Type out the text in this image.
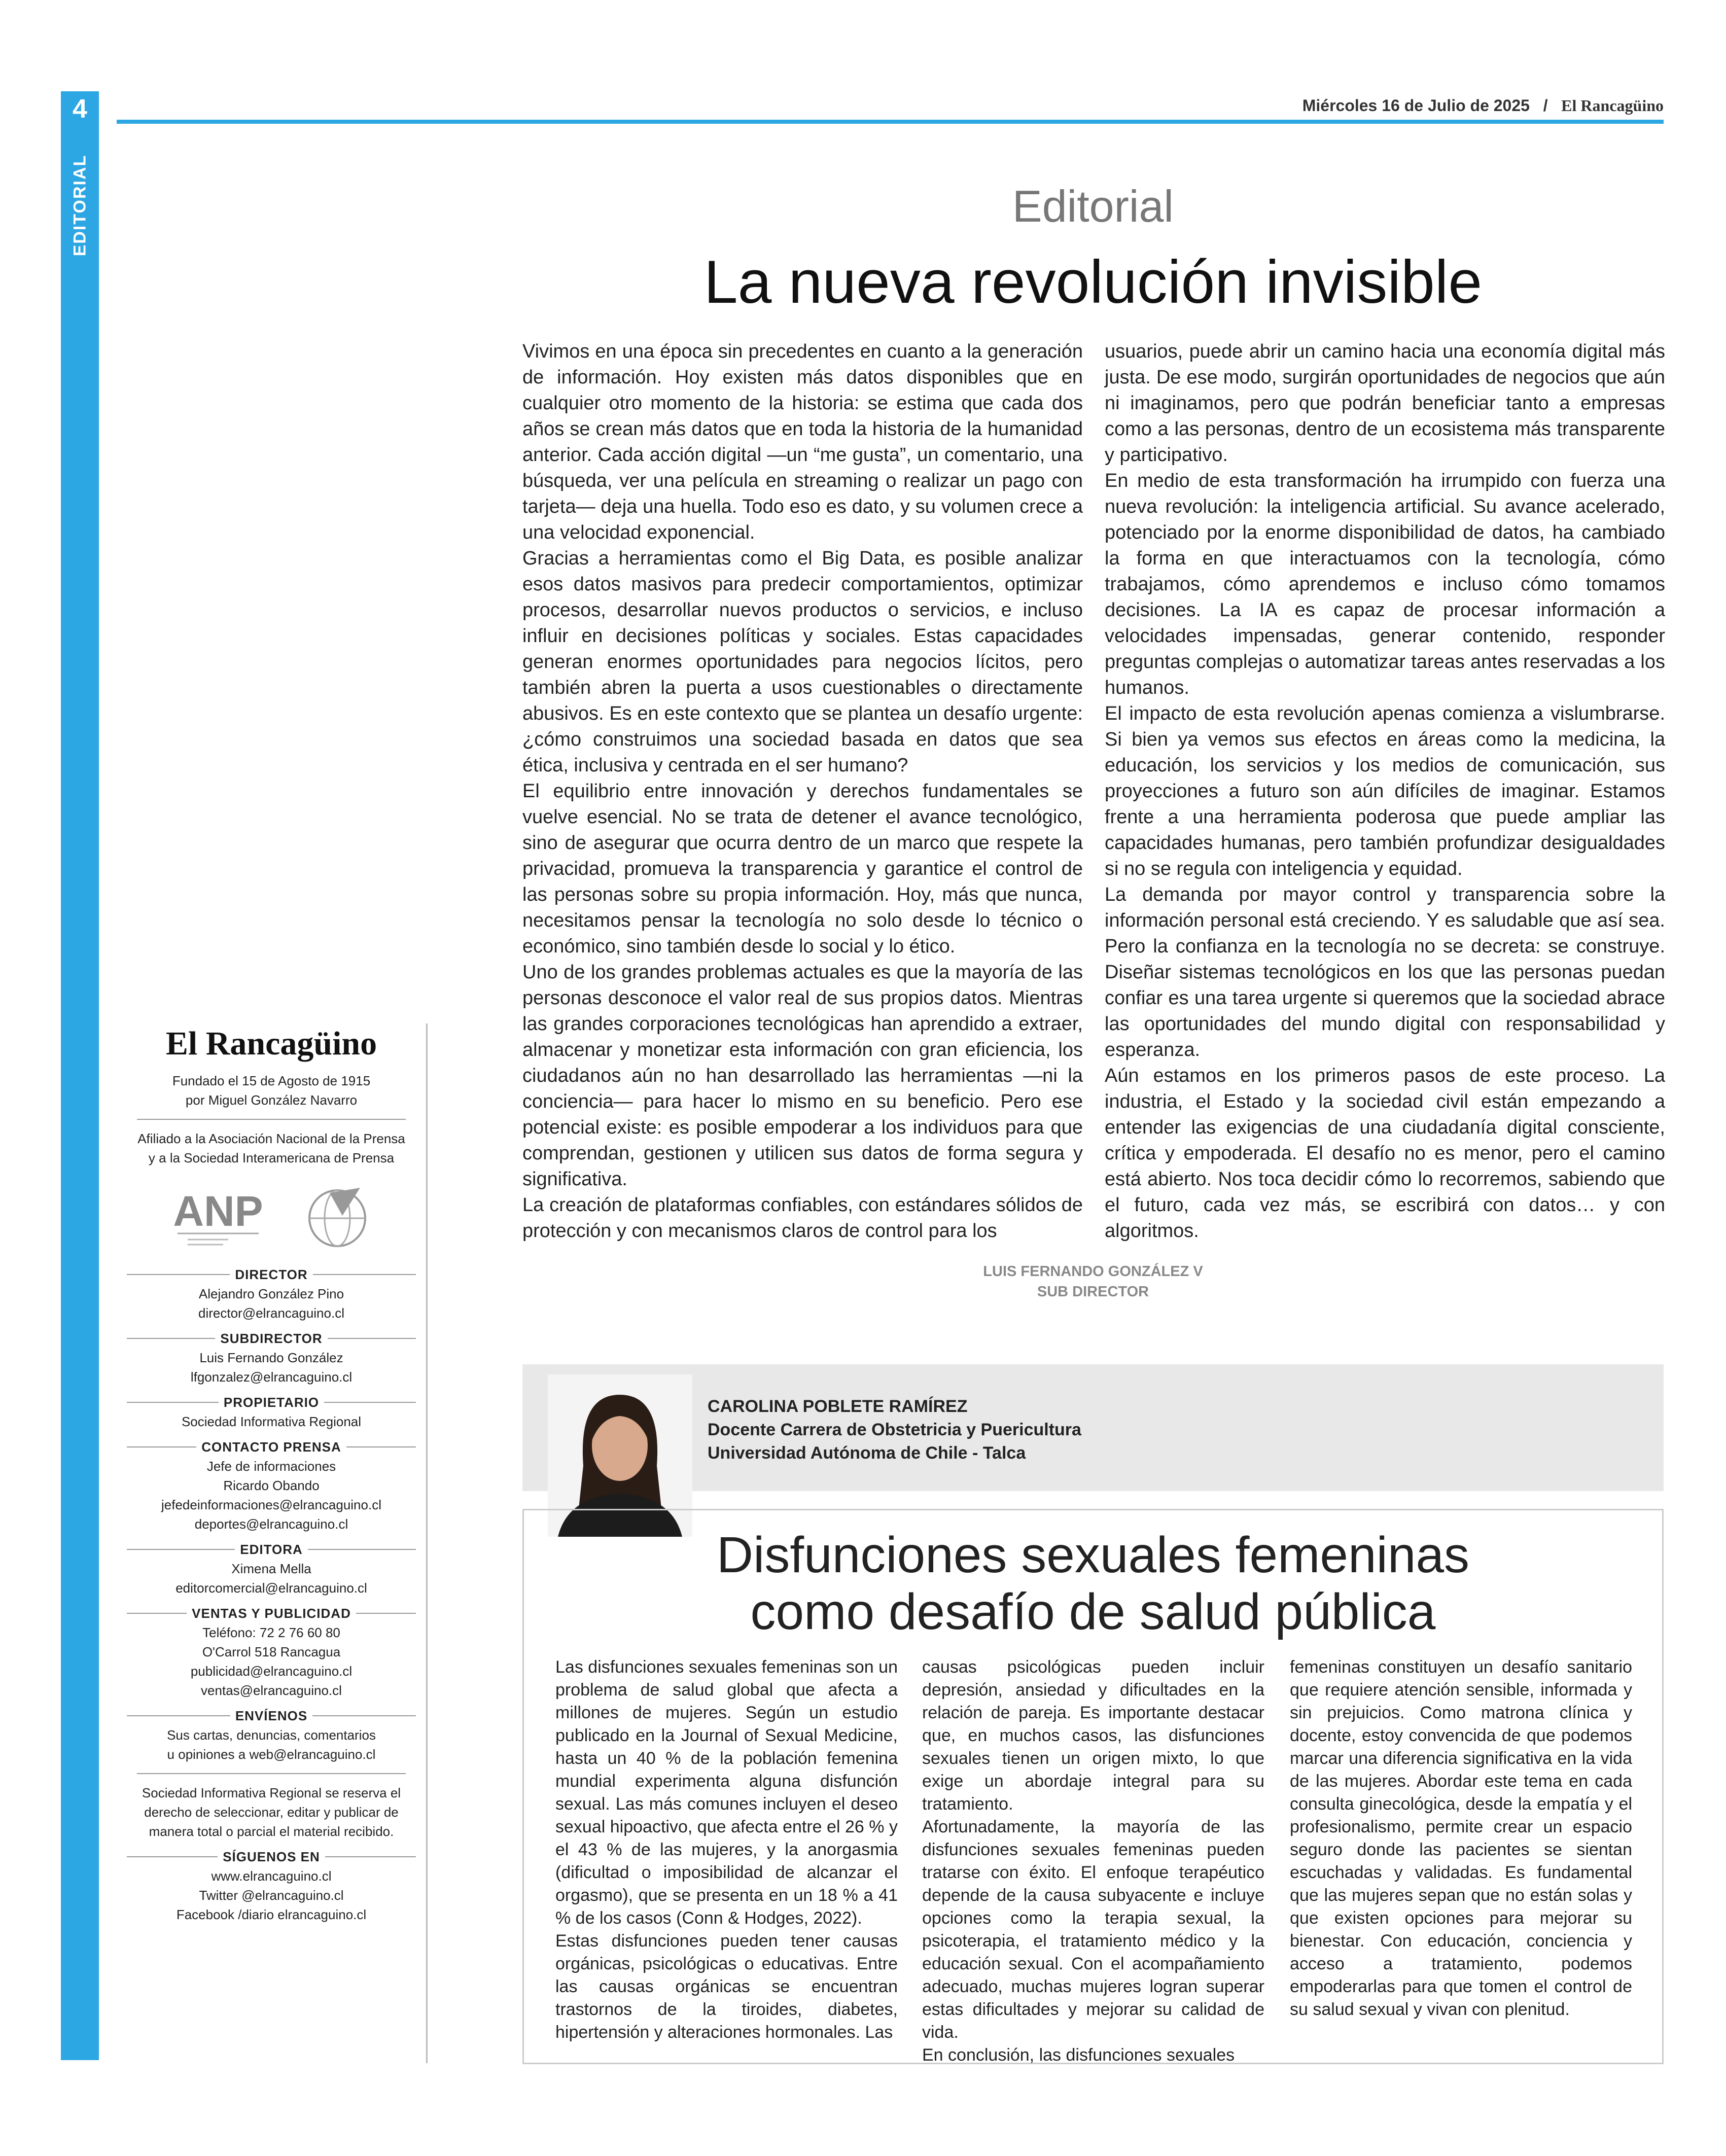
4
EDITORIAL
Miércoles 16 de Julio de 2025 / El Rancagüino
Editorial
La nueva revolución invisible

Vivimos en una época sin precedentes en cuanto a la generación de información. Hoy existen más datos disponibles que en cualquier otro momento de la historia: se estima que cada dos años se crean más datos que en toda la historia de la humanidad anterior. Cada acción digital —un “me gusta”, un comentario, una búsqueda, ver una película en streaming o realizar un pago con tarjeta— deja una huella. Todo eso es dato, y su volumen crece a una velocidad exponencial.

Gracias a herramientas como el Big Data, es posible analizar esos datos masivos para predecir comportamientos, optimizar procesos, desarrollar nuevos productos o servicios, e incluso influir en decisiones políticas y sociales. Estas capacidades generan enormes oportunidades para negocios lícitos, pero también abren la puerta a usos cuestionables o directamente abusivos. Es en este contexto que se plantea un desafío urgente: ¿cómo construimos una sociedad basada en datos que sea ética, inclusiva y centrada en el ser humano?

El equilibrio entre innovación y derechos fundamentales se vuelve esencial. No se trata de detener el avance tecnológico, sino de asegurar que ocurra dentro de un marco que respete la privacidad, promueva la transparencia y garantice el control de las personas sobre su propia información. Hoy, más que nunca, necesitamos pensar la tecnología no solo desde lo técnico o económico, sino también desde lo social y lo ético.

Uno de los grandes problemas actuales es que la mayoría de las personas desconoce el valor real de sus propios datos. Mientras las grandes corporaciones tecnológicas han aprendido a extraer, almacenar y monetizar esta información con gran eficiencia, los ciudadanos aún no han desarrollado las herramientas —ni la conciencia— para hacer lo mismo en su beneficio. Pero ese potencial existe: es posible empoderar a los individuos para que comprendan, gestionen y utilicen sus datos de forma segura y significativa.

La creación de plataformas confiables, con estándares sólidos de protección y con mecanismos claros de control para los

usuarios, puede abrir un camino hacia una economía digital más justa. De ese modo, surgirán oportunidades de negocios que aún ni imaginamos, pero que podrán beneficiar tanto a empresas como a las personas, dentro de un ecosistema más transparente y participativo.

En medio de esta transformación ha irrumpido con fuerza una nueva revolución: la inteligencia artificial. Su avance acelerado, potenciado por la enorme disponibilidad de datos, ha cambiado la forma en que interactuamos con la tecnología, cómo trabajamos, cómo aprendemos e incluso cómo tomamos decisiones. La IA es capaz de procesar información a velocidades impensadas, generar contenido, responder preguntas complejas o automatizar tareas antes reservadas a los humanos.

El impacto de esta revolución apenas comienza a vislumbrarse. Si bien ya vemos sus efectos en áreas como la medicina, la educación, los servicios y los medios de comunicación, sus proyecciones a futuro son aún difíciles de imaginar. Estamos frente a una herramienta poderosa que puede ampliar las capacidades humanas, pero también profundizar desigualdades si no se regula con inteligencia y equidad.

La demanda por mayor control y transparencia sobre la información personal está creciendo. Y es saludable que así sea. Pero la confianza en la tecnología no se decreta: se construye. Diseñar sistemas tecnológicos en los que las personas puedan confiar es una tarea urgente si queremos que la sociedad abrace las oportunidades del mundo digital con responsabilidad y esperanza.

Aún estamos en los primeros pasos de este proceso. La industria, el Estado y la sociedad civil están empezando a entender las exigencias de una ciudadanía digital consciente, crítica y empoderada. El desafío no es menor, pero el camino está abierto. Nos toca decidir cómo lo recorremos, sabiendo que el futuro, cada vez más, se escribirá con datos… y con algoritmos.

LUIS FERNANDO GONZÁLEZ V
SUB DIRECTOR
El Rancagüino
Fundado el 15 de Agosto de 1915
por Miguel González Navarro
Afiliado a la Asociación Nacional de la Prensa
y a la Sociedad Interamericana de Prensa
ANP
DIRECTOR
Alejandro González Pino
director@elrancaguino.cl
SUBDIRECTOR
Luis Fernando González
lfgonzalez@elrancaguino.cl
PROPIETARIO
Sociedad Informativa Regional
CONTACTO PRENSA
Jefe de informaciones
Ricardo Obando
jefedeinformaciones@elrancaguino.cl
deportes@elrancaguino.cl
EDITORA
Ximena Mella
editorcomercial@elrancaguino.cl
VENTAS Y PUBLICIDAD
Teléfono: 72 2 76 60 80
O'Carrol 518 Rancagua
publicidad@elrancaguino.cl
ventas@elrancaguino.cl
ENVÍENOS
Sus cartas, denuncias, comentarios
u opiniones a web@elrancaguino.cl
Sociedad Informativa Regional se reserva el
derecho de seleccionar, editar y publicar de
manera total o parcial el material recibido.
SÍGUENOS EN
www.elrancaguino.cl
Twitter @elrancaguino.cl
Facebook /diario elrancaguino.cl
CAROLINA POBLETE RAMÍREZ
Docente Carrera de Obstetricia y Puericultura
Universidad Autónoma de Chile - Talca
Disfunciones sexuales femeninas
como desafío de salud pública

Las disfunciones sexuales femeninas son un problema de salud global que afecta a millones de mujeres. Según un estudio publicado en la Journal of Sexual Medicine, hasta un 40 % de la población femenina mundial experimenta alguna disfunción sexual. Las más comunes incluyen el deseo sexual hipoactivo, que afecta entre el 26 % y el 43 % de las mujeres, y la anorgasmia (dificultad o imposibilidad de alcanzar el orgasmo), que se presenta en un 18 % a 41 % de los casos (Conn & Hodges, 2022).

Estas disfunciones pueden tener causas orgánicas, psicológicas o educativas. Entre las causas orgánicas se encuentran trastornos de la tiroides, diabetes, hipertensión y alteraciones hormonales. Las

causas psicológicas pueden incluir depresión, ansiedad y dificultades en la relación de pareja. Es importante destacar que, en muchos casos, las disfunciones sexuales tienen un origen mixto, lo que exige un abordaje integral para su tratamiento.

Afortunadamente, la mayoría de las disfunciones sexuales femeninas pueden tratarse con éxito. El enfoque terapéutico depende de la causa subyacente e incluye opciones como la terapia sexual, la psicoterapia, el tratamiento médico y la educación sexual. Con el acompañamiento adecuado, muchas mujeres logran superar estas dificultades y mejorar su calidad de vida.

En conclusión, las disfunciones sexuales

femeninas constituyen un desafío sanitario que requiere atención sensible, informada y sin prejuicios. Como matrona clínica y docente, estoy convencida de que podemos marcar una diferencia significativa en la vida de las mujeres. Abordar este tema en cada consulta ginecológica, desde la empatía y el profesionalismo, permite crear un espacio seguro donde las pacientes se sientan escuchadas y validadas. Es fundamental que las mujeres sepan que no están solas y que existen opciones para mejorar su bienestar. Con educación, conciencia y acceso a tratamiento, podemos empoderarlas para que tomen el control de su salud sexual y vivan con plenitud.
